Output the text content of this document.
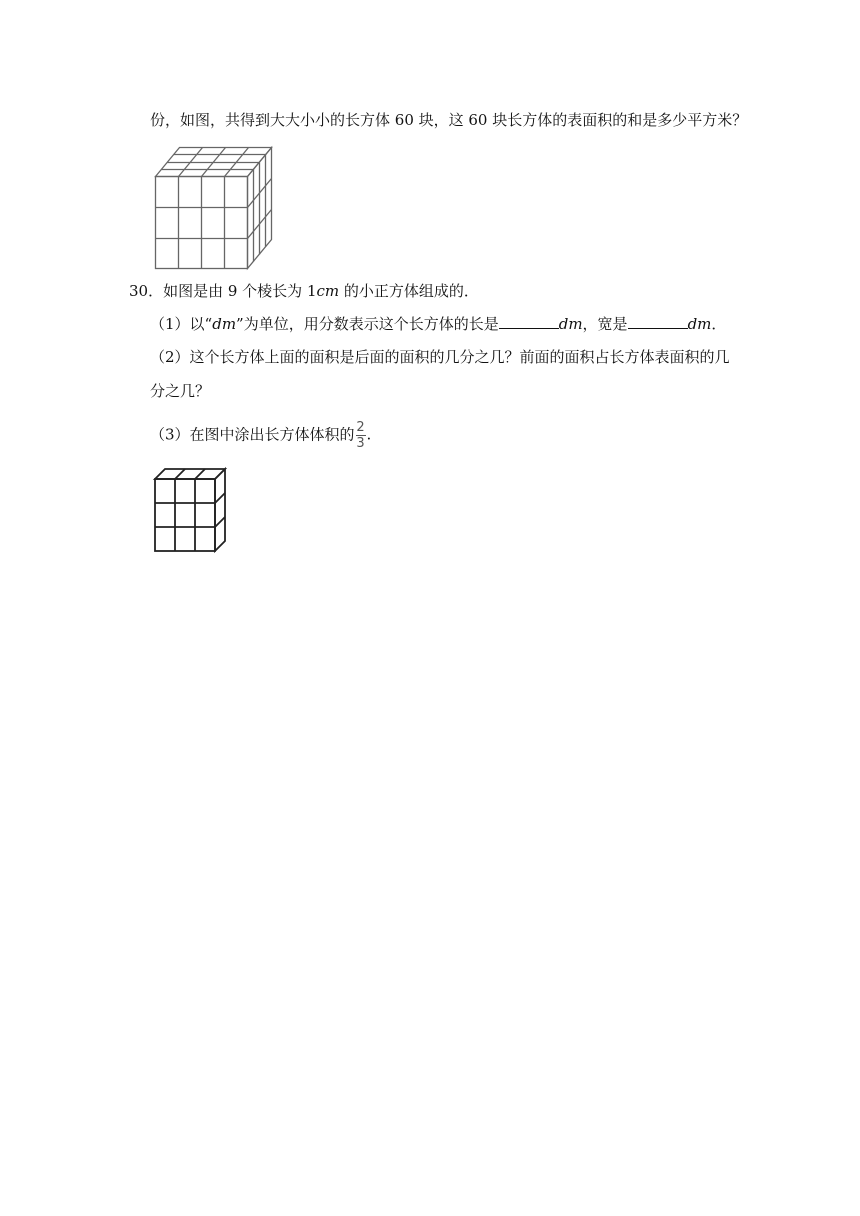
份，如图，共得到大大小小的长方体 60 块，这 60 块长方体的表面积的和是多少平方米？
30．如图是由 9 个棱长为 1cm 的小正方体组成的．
（1）以“dm”为单位，用分数表示这个长方体的长是	dm，宽是	dm．
（2）这个长方体上面的面积是后面的面积的几分之几？前面的面积占长方体表面积的几
分之几？
（3）在图中涂出长方体体积的 $\frac{2}{3}$ .
